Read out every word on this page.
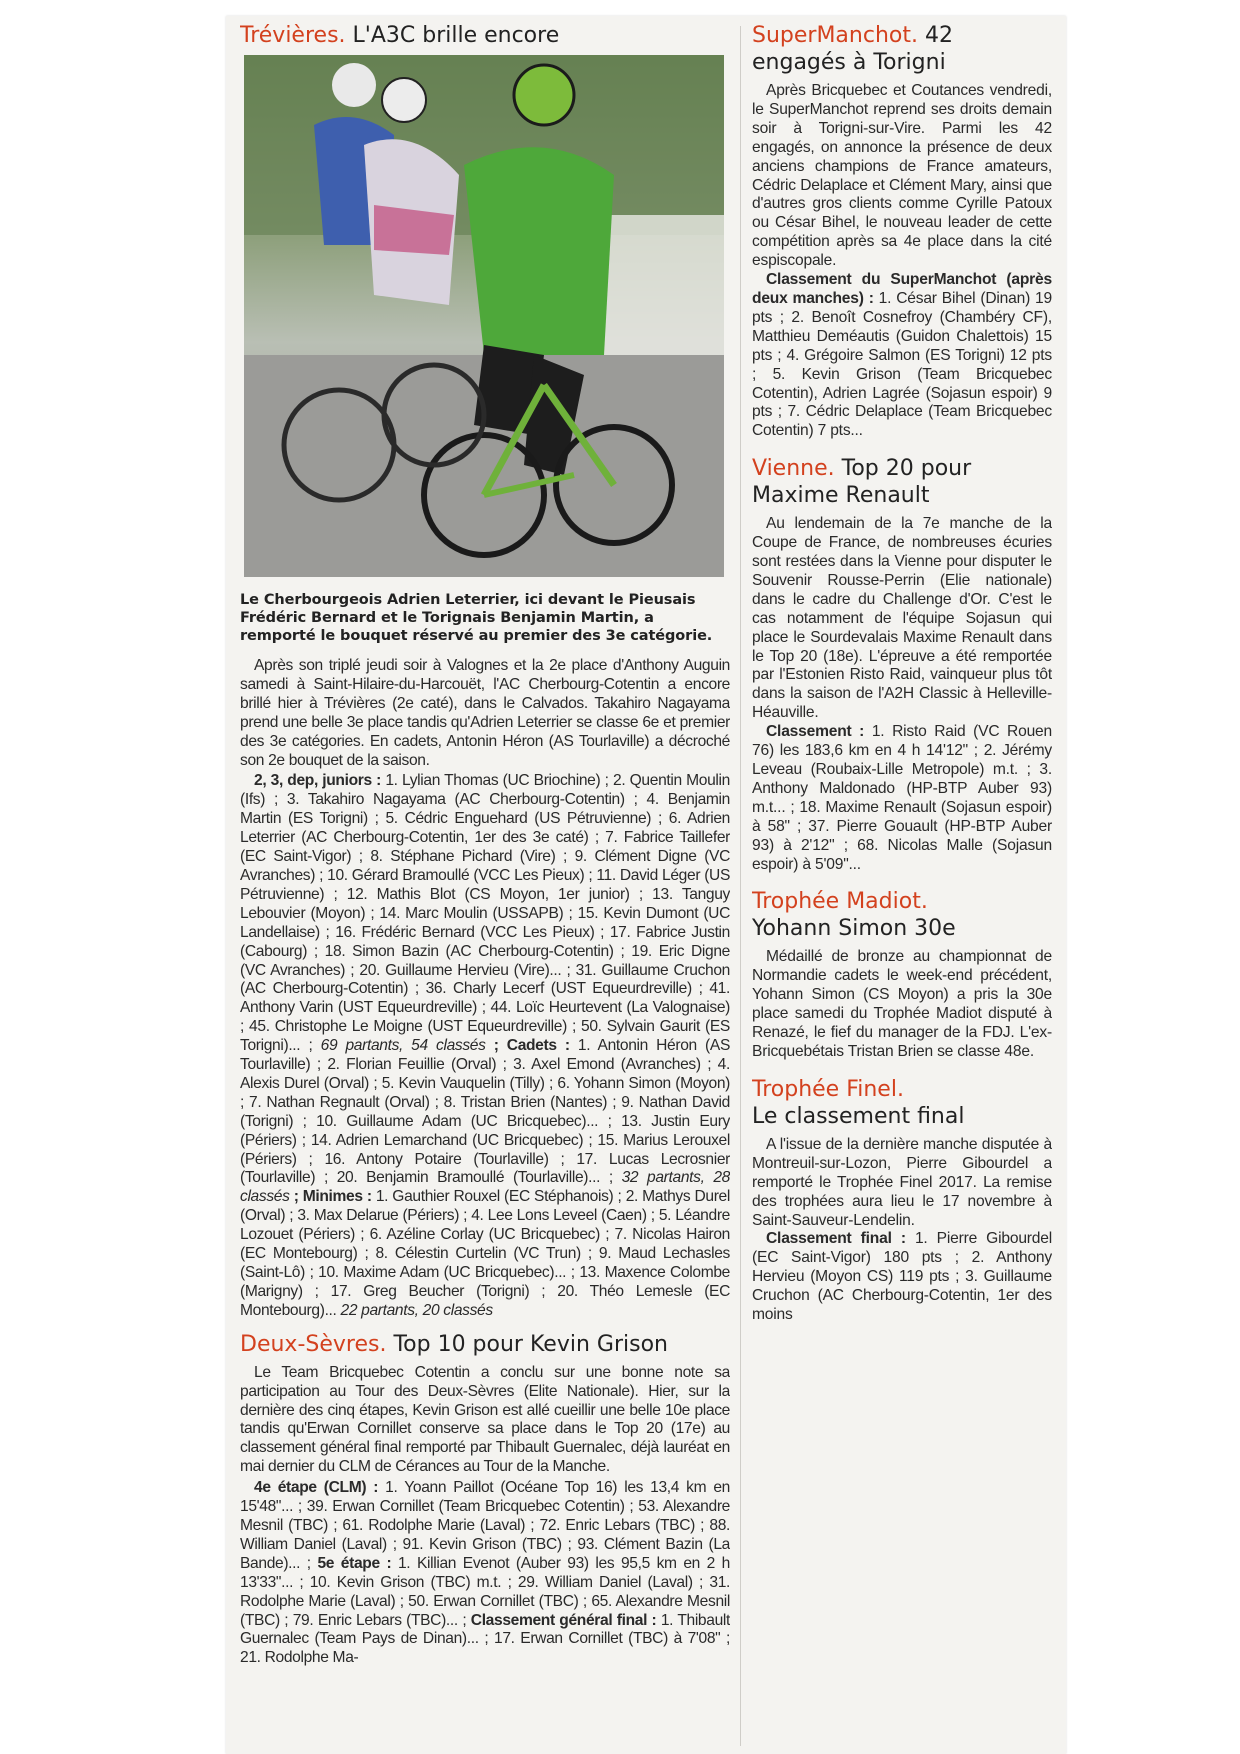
Trévières. L'A3C brille encore
Le Cherbourgeois Adrien Leterrier, ici devant le Pieusais Frédéric Bernard et le Torignais Benjamin Martin, a remporté le bouquet réservé au premier des 3e catégorie.

Après son triplé jeudi soir à Valognes et la 2e place d'Anthony Auguin samedi à Saint-Hilaire-du-Harcouët, l'AC Cherbourg-Cotentin a encore brillé hier à Trévières (2e caté), dans le Calvados. Takahiro Nagayama prend une belle 3e place tandis qu'Adrien Leterrier se classe 6e et premier des 3e catégories. En cadets, Antonin Héron (AS Tourlaville) a décroché son 2e bouquet de la saison.

2, 3, dep, juniors : 1. Lylian Thomas (UC Briochine) ; 2. Quentin Moulin (Ifs) ; 3. Takahiro Nagayama (AC Cherbourg-Cotentin) ; 4. Benjamin Martin (ES Torigni) ; 5. Cédric Enguehard (US Pétruvienne) ; 6. Adrien Leterrier (AC Cherbourg-Cotentin, 1er des 3e caté) ; 7. Fabrice Taillefer (EC Saint-Vigor) ; 8. Stéphane Pichard (Vire) ; 9. Clément Digne (VC Avranches) ; 10. Gérard Bramoullé (VCC Les Pieux) ; 11. David Léger (US Pétruvienne) ; 12. Mathis Blot (CS Moyon, 1er junior) ; 13. Tanguy Lebouvier (Moyon) ; 14. Marc Moulin (USSAPB) ; 15. Kevin Dumont (UC Landellaise) ; 16. Frédéric Bernard (VCC Les Pieux) ; 17. Fabrice Justin (Cabourg) ; 18. Simon Bazin (AC Cherbourg-Cotentin) ; 19. Eric Digne (VC Avranches) ; 20. Guillaume Hervieu (Vire)... ; 31. Guillaume Cruchon (AC Cherbourg-Cotentin) ; 36. Charly Lecerf (UST Equeurdreville) ; 41. Anthony Varin (UST Equeurdreville) ; 44. Loïc Heurtevent (La Valognaise) ; 45. Christophe Le Moigne (UST Equeurdreville) ; 50. Sylvain Gaurit (ES Torigni)... ; 69 partants, 54 classés ; Cadets : 1. Antonin Héron (AS Tourlaville) ; 2. Florian Feuillie (Orval) ; 3. Axel Emond (Avranches) ; 4. Alexis Durel (Orval) ; 5. Kevin Vauquelin (Tilly) ; 6. Yohann Simon (Moyon) ; 7. Nathan Regnault (Orval) ; 8. Tristan Brien (Nantes) ; 9. Nathan David (Torigni) ; 10. Guillaume Adam (UC Bricquebec)... ; 13. Justin Eury (Périers) ; 14. Adrien Lemarchand (UC Bricquebec) ; 15. Marius Lerouxel (Périers) ; 16. Antony Potaire (Tourlaville) ; 17. Lucas Lecrosnier (Tourlaville) ; 20. Benjamin Bramoullé (Tourlaville)... ; 32 partants, 28 classés ; Minimes : 1. Gauthier Rouxel (EC Stéphanois) ; 2. Mathys Durel (Orval) ; 3. Max Delarue (Périers) ; 4. Lee Lons Leveel (Caen) ; 5. Léandre Lozouet (Périers) ; 6. Azéline Corlay (UC Bricquebec) ; 7. Nicolas Hairon (EC Montebourg) ; 8. Célestin Curtelin (VC Trun) ; 9. Maud Lechasles (Saint-Lô) ; 10. Maxime Adam (UC Bricquebec)... ; 13. Maxence Colombe (Marigny) ; 17. Greg Beucher (Torigni) ; 20. Théo Lemesle (EC Montebourg)... 22 partants, 20 classés

Deux-Sèvres. Top 10 pour Kevin Grison

Le Team Bricquebec Cotentin a conclu sur une bonne note sa participation au Tour des Deux-Sèvres (Elite Nationale). Hier, sur la dernière des cinq étapes, Kevin Grison est allé cueillir une belle 10e place tandis qu'Erwan Cornillet conserve sa place dans le Top 20 (17e) au classement général final remporté par Thibault Guernalec, déjà lauréat en mai dernier du CLM de Cérances au Tour de la Manche.

4e étape (CLM) : 1. Yoann Paillot (Océane Top 16) les 13,4 km en 15'48"... ; 39. Erwan Cornillet (Team Bricquebec Cotentin) ; 53. Alexandre Mesnil (TBC) ; 61. Rodolphe Marie (Laval) ; 72. Enric Lebars (TBC) ; 88. William Daniel (Laval) ; 91. Kevin Grison (TBC) ; 93. Clément Bazin (La Bande)... ; 5e étape : 1. Killian Evenot (Auber 93) les 95,5 km en 2 h 13'33"... ; 10. Kevin Grison (TBC) m.t. ; 29. William Daniel (Laval) ; 31. Rodolphe Marie (Laval) ; 50. Erwan Cornillet (TBC) ; 65. Alexandre Mesnil (TBC) ; 79. Enric Lebars (TBC)... ; Classement général final : 1. Thibault Guernalec (Team Pays de Dinan)... ; 17. Erwan Cornillet (TBC) à 7'08" ; 21. Rodolphe Ma-

SuperManchot. 42 engagés à Torigni

Après Bricquebec et Coutances vendredi, le SuperManchot reprend ses droits demain soir à Torigni-sur-Vire. Parmi les 42 engagés, on annonce la présence de deux anciens champions de France amateurs, Cédric Delaplace et Clément Mary, ainsi que d'autres gros clients comme Cyrille Patoux ou César Bihel, le nouveau leader de cette compétition après sa 4e place dans la cité espiscopale.

Classement du SuperManchot (après deux manches) : 1. César Bihel (Dinan) 19 pts ; 2. Benoît Cosnefroy (Chambéry CF), Matthieu Deméautis (Guidon Chalettois) 15 pts ; 4. Grégoire Salmon (ES Torigni) 12 pts ; 5. Kevin Grison (Team Bricquebec Cotentin), Adrien Lagrée (Sojasun espoir) 9 pts ; 7. Cédric Delaplace (Team Bricquebec Cotentin) 7 pts...

Vienne. Top 20 pour Maxime Renault

Au lendemain de la 7e manche de la Coupe de France, de nombreuses écuries sont restées dans la Vienne pour disputer le Souvenir Rousse-Perrin (Elie nationale) dans le cadre du Challenge d'Or. C'est le cas notamment de l'équipe Sojasun qui place le Sourdevalais Maxime Renault dans le Top 20 (18e). L'épreuve a été remportée par l'Estonien Risto Raid, vainqueur plus tôt dans la saison de l'A2H Classic à Helleville-Héauville.

Classement : 1. Risto Raid (VC Rouen 76) les 183,6 km en 4 h 14'12" ; 2. Jérémy Leveau (Roubaix-Lille Metropole) m.t. ; 3. Anthony Maldonado (HP-BTP Auber 93) m.t... ; 18. Maxime Renault (Sojasun espoir) à 58" ; 37. Pierre Gouault (HP-BTP Auber 93) à 2'12" ; 68. Nicolas Malle (Sojasun espoir) à 5'09"...

Trophée Madiot.
Yohann Simon 30e

Médaillé de bronze au championnat de Normandie cadets le week-end précédent, Yohann Simon (CS Moyon) a pris la 30e place samedi du Trophée Madiot disputé à Renazé, le fief du manager de la FDJ. L'ex-Bricquebétais Tristan Brien se classe 48e.

Trophée Finel.
Le classement final

A l'issue de la dernière manche disputée à Montreuil-sur-Lozon, Pierre Gibourdel a remporté le Trophée Finel 2017. La remise des trophées aura lieu le 17 novembre à Saint-Sauveur-Lendelin.

Classement final : 1. Pierre Gibourdel (EC Saint-Vigor) 180 pts ; 2. Anthony Hervieu (Moyon CS) 119 pts ; 3. Guillaume Cruchon (AC Cherbourg-Cotentin, 1er des moins
